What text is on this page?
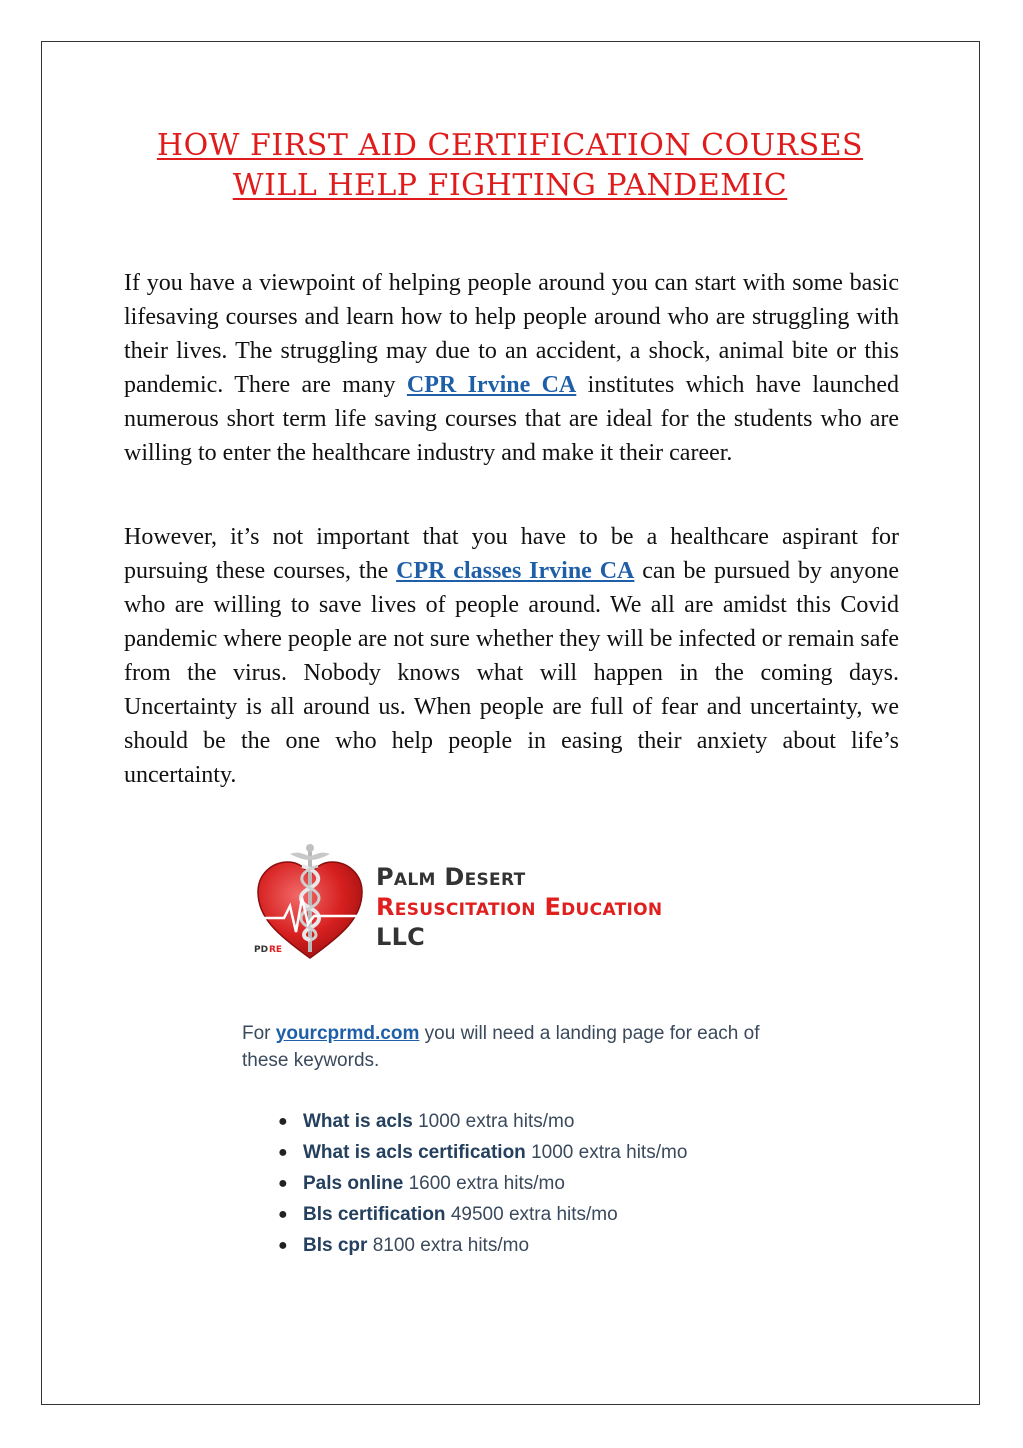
HOW FIRST AID CERTIFICATION COURSES WILL HELP FIGHTING PANDEMIC

If you have a viewpoint of helping people around you can start with some basic lifesaving courses and learn how to help people around who are struggling with their lives. The struggling may due to an accident, a shock, animal bite or this pandemic. There are many CPR Irvine CA institutes which have launched numerous short term life saving courses that are ideal for the students who are willing to enter the healthcare industry and make it their career.

However, it’s not important that you have to be a healthcare aspirant for pursuing these courses, the CPR classes Irvine CA can be pursued by anyone who are willing to save lives of people around. We all are amidst this Covid pandemic where people are not sure whether they will be infected or remain safe from the virus. Nobody knows what will happen in the coming days. Uncertainty is all around us. When people are full of fear and uncertainty, we should be the one who help people in easing their anxiety about life’s uncertainty.

PD RE
Palm Desert
Resuscitation Education
LLC

For yourcprmd.com you will need a landing page for each of these keywords.

● What is acls 1000 extra hits/mo
● What is acls certification 1000 extra hits/mo
● Pals online 1600 extra hits/mo
● Bls certification 49500 extra hits/mo
● Bls cpr 8100 extra hits/mo
